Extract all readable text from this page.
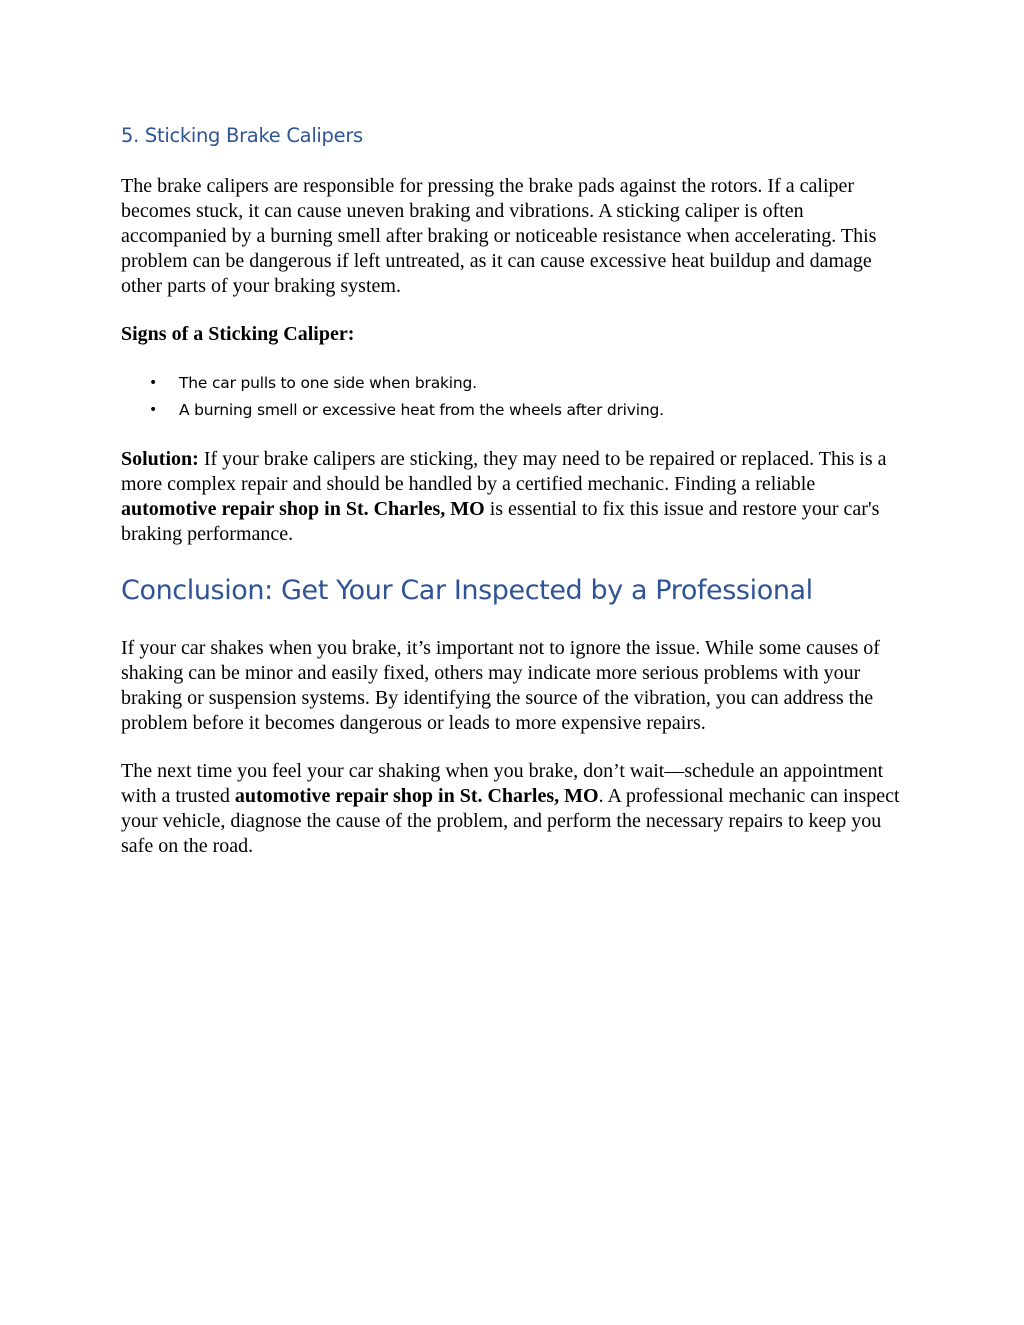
5. Sticking Brake Calipers

The brake calipers are responsible for pressing the brake pads against the rotors. If a caliper becomes stuck, it can cause uneven braking and vibrations. A sticking caliper is often accompanied by a burning smell after braking or noticeable resistance when accelerating. This problem can be dangerous if left untreated, as it can cause excessive heat buildup and damage other parts of your braking system.

Signs of a Sticking Caliper:

• The car pulls to one side when braking.
• A burning smell or excessive heat from the wheels after driving.

Solution: If your brake calipers are sticking, they may need to be repaired or replaced. This is a more complex repair and should be handled by a certified mechanic. Finding a reliable automotive repair shop in St. Charles, MO is essential to fix this issue and restore your car's braking performance.

Conclusion: Get Your Car Inspected by a Professional

If your car shakes when you brake, it’s important not to ignore the issue. While some causes of shaking can be minor and easily fixed, others may indicate more serious problems with your braking or suspension systems. By identifying the source of the vibration, you can address the problem before it becomes dangerous or leads to more expensive repairs.

The next time you feel your car shaking when you brake, don’t wait—schedule an appointment with a trusted automotive repair shop in St. Charles, MO. A professional mechanic can inspect your vehicle, diagnose the cause of the problem, and perform the necessary repairs to keep you safe on the road.
